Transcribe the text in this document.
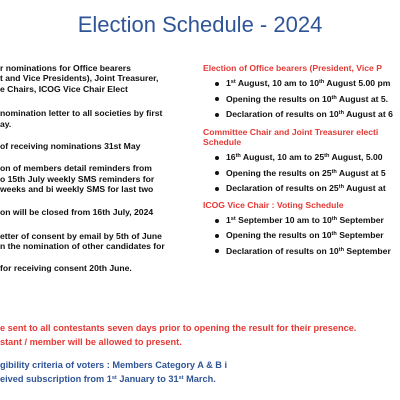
Election Schedule - 2024
r nominations for Office bearers
t and Vice Presidents), Joint Treasurer,
e Chairs, ICOG Vice Chair Elect
nomination letter to all societies by first
ay.
of receiving nominations 31st May
on of members detail reminders from
o 15th July weekly SMS reminders for
weeks and bi weekly SMS for last two
on will be closed from 16th July, 2024
etter of consent by email by 5th of June
n the nomination of other candidates for
for receiving consent 20th June.
Election of Office bearers (President, Vice P
1st August, 10 am to 10th August 5.00 pm
Opening the results on 10th August at 5.
Declaration of results on 10th August at 6
Committee Chair and Joint Treasurer electi
Schedule
16th August, 10 am to 25th August, 5.00
Opening the results on 25th August at 5
Declaration of results on 25th August at
ICOG Vice Chair : Voting Schedule
1st September 10 am to 10th September
Opening the results on 10th September
Declaration of results on 10th September
e sent to all contestants seven days prior to opening the result for their presence.
stant / member will be allowed to present.
gibility criteria of voters : Members Category A & B i
eived subscription from 1st January to 31st March.
